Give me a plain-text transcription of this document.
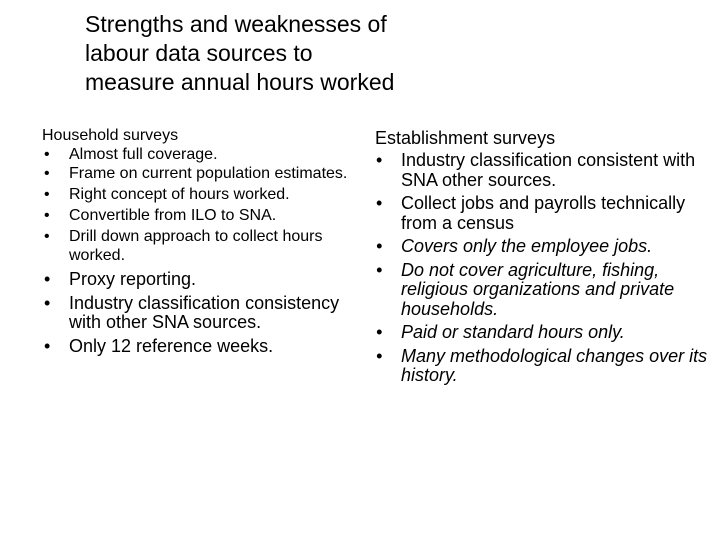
Strengths and weaknesses of
labour data sources to
measure annual hours worked
Household surveys
• Almost full coverage.
• Frame on current population estimates.
• Right concept of hours worked.
• Convertible from ILO to SNA.
• Drill down approach to collect hours worked.
• Proxy reporting.
• Industry classification consistency with other SNA sources.
• Only 12 reference weeks.
Establishment surveys
• Industry classification consistent with SNA other sources.
• Collect jobs and payrolls technically from a census
• Covers only the employee jobs.
• Do not cover agriculture, fishing, religious organizations and private households.
• Paid or standard hours only.
• Many methodological changes over its history.
